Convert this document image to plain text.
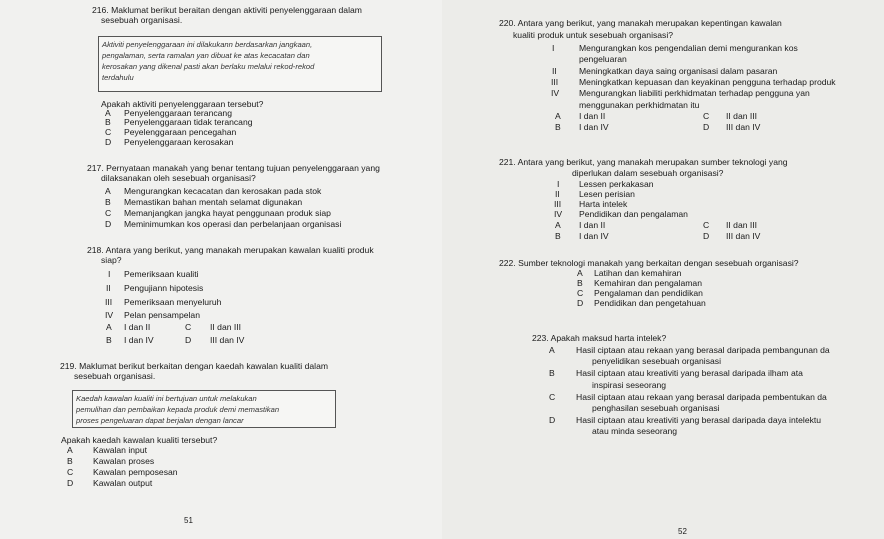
216. Maklumat berikut beraitan dengan aktiviti penyelenggaraan dalam
sesebuah organisasi.
Aktiviti penyelenggaraan ini dilakukann berdasarkan jangkaan,
pengalaman, serta ramalan yan dibuat ke atas kecacatan dan
kerosakan yang dikenal pasti akan berlaku melalui rekod-rekod
terdahulu
Apakah aktiviti penyelenggaraan tersebut?
A Penyelenggaraan terancang
B Penyelenggaraan tidak terancang
C Peyelenggaraan pencegahan
D Penyelenggaraan kerosakan
217. Pernyataan manakah yang benar tentang tujuan penyelenggaraan yang
dilaksanakan oleh sesebuah organisasi?
A Mengurangkan kecacatan dan kerosakan pada stok
B Memastikan bahan mentah selamat digunakan
C Memanjangkan jangka hayat penggunaan produk siap
D Meminimumkan kos operasi dan perbelanjaan organisasi
218. Antara yang berikut, yang manakah merupakan kawalan kualiti produk
siap?
I Pemeriksaan kualiti
II Pengujiann hipotesis
III Pemeriksaan menyeluruh
IV Pelan pensampelan
A I dan II	C II dan III
B I dan IV	D III dan IV
219. Maklumat berikut berkaitan dengan kaedah kawalan kualiti dalam
sesebuah organisasi.
Kaedah kawalan kualiti ini bertujuan untuk melakukan
pemulihan dan pembaikan kepada produk demi memastikan
proses pengeluaran dapat berjalan dengan lancar
Apakah kaedah kawalan kualiti tersebut?
A Kawalan input
B Kawalan proses
C Kawalan pemposesan
D Kawalan output
51
220. Antara yang berikut, yang manakah merupakan kepentingan kawalan
kualiti produk untuk sesebuah organisasi?
I	Mengurangkan kos pengendalian demi mengurankan kos
pengeluaran
II	Meningkatkan daya saing organisasi dalam pasaran
III Meningkatkan kepuasan dan keyakinan pengguna terhadap produk
IV Mengurangkan liabiliti perkhidmatan terhadap pengguna yan
menggunakan perkhidmatan itu
A I dan II	C II dan III
B I dan IV	D III dan IV
221. Antara yang berikut, yang manakah merupakan sumber teknologi yang
diperlukan dalam sesebuah organisasi?
I Lessen perkakasan
II Lesen perisian
III Harta intelek
IV Pendidikan dan pengalaman
A I dan II	C II dan III
B I dan IV	D III dan IV
222. Sumber teknologi manakah yang berkaitan dengan sesebuah organisasi?
A Latihan dan kemahiran
B Kemahiran dan pengalaman
C Pengalaman dan pendidikan
D Pendidikan dan pengetahuan
223. Apakah maksud harta intelek?
A Hasil ciptaan atau rekaan yang berasal daripada pembangunan da
penyelidikan sesebuah organisasi
B Hasil ciptaan atau kreativiti yang berasal daripada ilham ata
inspirasi seseorang
C Hasil ciptaan atau rekaan yang berasal daripada pembentukan da
penghasilan sesebuah organisasi
D Hasil ciptaan atau kreativiti yang berasal daripada daya intelektu
atau minda seseorang
52
